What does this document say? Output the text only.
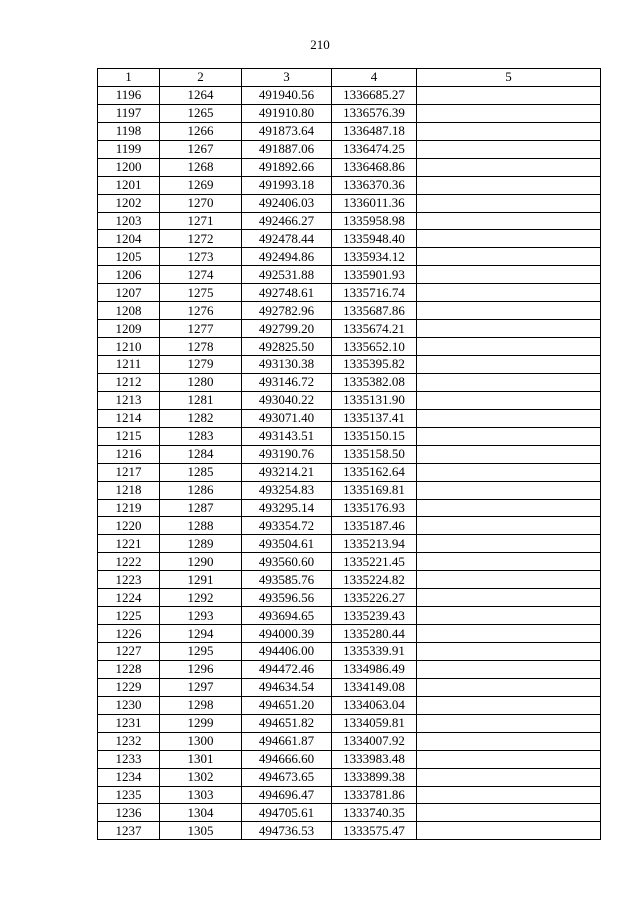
210
1	2	3	4	5
1196	1264	491940.56	1336685.27	
1197	1265	491910.80	1336576.39	
1198	1266	491873.64	1336487.18	
1199	1267	491887.06	1336474.25	
1200	1268	491892.66	1336468.86	
1201	1269	491993.18	1336370.36	
1202	1270	492406.03	1336011.36	
1203	1271	492466.27	1335958.98	
1204	1272	492478.44	1335948.40	
1205	1273	492494.86	1335934.12	
1206	1274	492531.88	1335901.93	
1207	1275	492748.61	1335716.74	
1208	1276	492782.96	1335687.86	
1209	1277	492799.20	1335674.21	
1210	1278	492825.50	1335652.10	
1211	1279	493130.38	1335395.82	
1212	1280	493146.72	1335382.08	
1213	1281	493040.22	1335131.90	
1214	1282	493071.40	1335137.41	
1215	1283	493143.51	1335150.15	
1216	1284	493190.76	1335158.50	
1217	1285	493214.21	1335162.64	
1218	1286	493254.83	1335169.81	
1219	1287	493295.14	1335176.93	
1220	1288	493354.72	1335187.46	
1221	1289	493504.61	1335213.94	
1222	1290	493560.60	1335221.45	
1223	1291	493585.76	1335224.82	
1224	1292	493596.56	1335226.27	
1225	1293	493694.65	1335239.43	
1226	1294	494000.39	1335280.44	
1227	1295	494406.00	1335339.91	
1228	1296	494472.46	1334986.49	
1229	1297	494634.54	1334149.08	
1230	1298	494651.20	1334063.04	
1231	1299	494651.82	1334059.81	
1232	1300	494661.87	1334007.92	
1233	1301	494666.60	1333983.48	
1234	1302	494673.65	1333899.38	
1235	1303	494696.47	1333781.86	
1236	1304	494705.61	1333740.35	
1237	1305	494736.53	1333575.47	
